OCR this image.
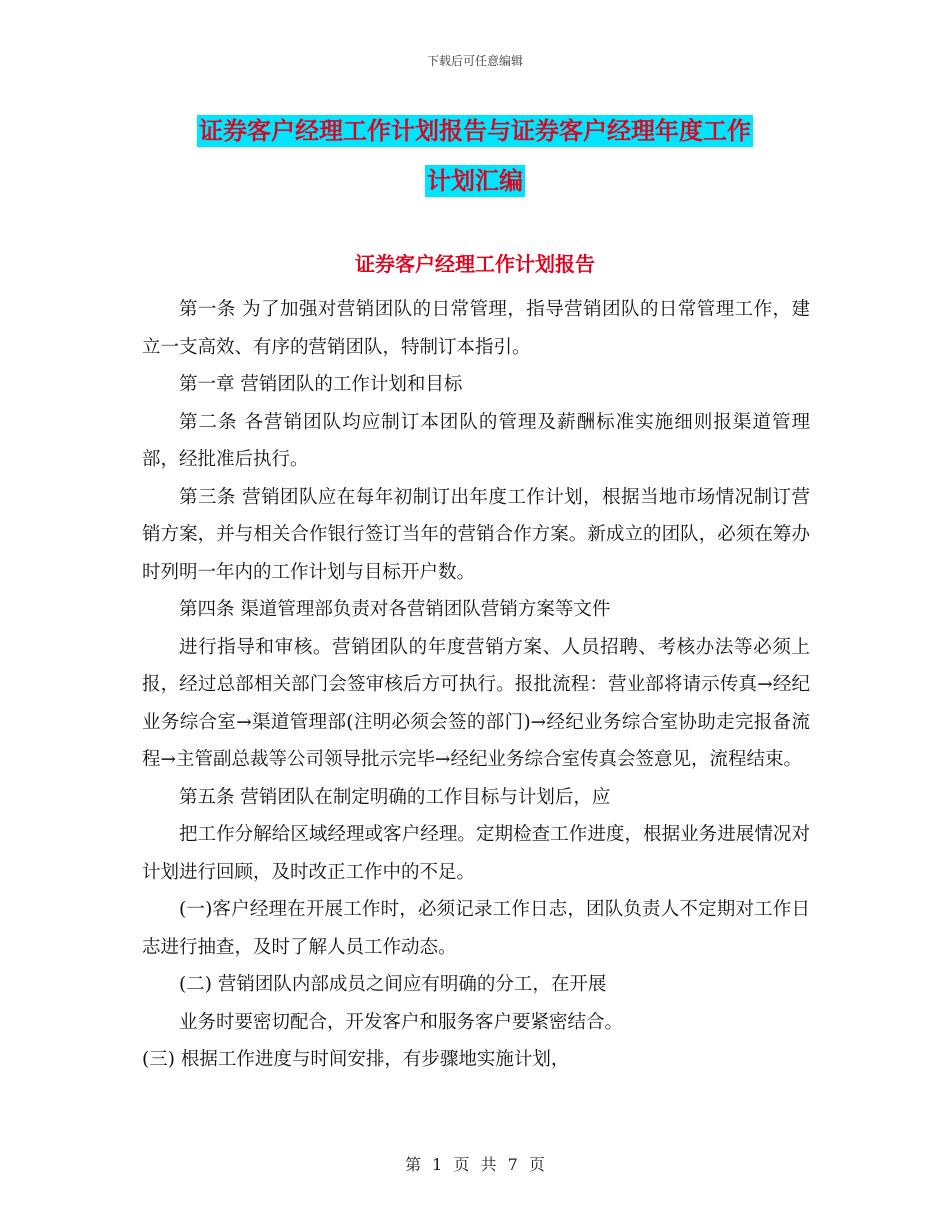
下载后可任意编辑
证券客户经理工作计划报告与证券客户经理年度工作
计划汇编
证券客户经理工作计划报告

第一条 为了加强对营销团队的日常管理，指导营销团队的日常管理工作，建立一支高效、有序的营销团队，特制订本指引。

第一章 营销团队的工作计划和目标

第二条 各营销团队均应制订本团队的管理及薪酬标准实施细则报渠道管理部，经批准后执行。

第三条 营销团队应在每年初制订出年度工作计划，根据当地市场情况制订营销方案，并与相关合作银行签订当年的营销合作方案。新成立的团队，必须在筹办时列明一年内的工作计划与目标开户数。

第四条 渠道管理部负责对各营销团队营销方案等文件

进行指导和审核。营销团队的年度营销方案、人员招聘、考核办法等必须上报，经过总部相关部门会签审核后方可执行。报批流程：营业部将请示传真→经纪业务综合室→渠道管理部(注明必须会签的部门)→经纪业务综合室协助走完报备流程→主管副总裁等公司领导批示完毕→经纪业务综合室传真会签意见，流程结束。

第五条 营销团队在制定明确的工作目标与计划后，应

把工作分解给区域经理或客户经理。定期检查工作进度，根据业务进展情况对计划进行回顾，及时改正工作中的不足。

(一)客户经理在开展工作时，必须记录工作日志，团队负责人不定期对工作日志进行抽查，及时了解人员工作动态。

(二) 营销团队内部成员之间应有明确的分工，在开展

业务时要密切配合，开发客户和服务客户要紧密结合。

(三) 根据工作进度与时间安排，有步骤地实施计划，

第 1 页 共 7 页
